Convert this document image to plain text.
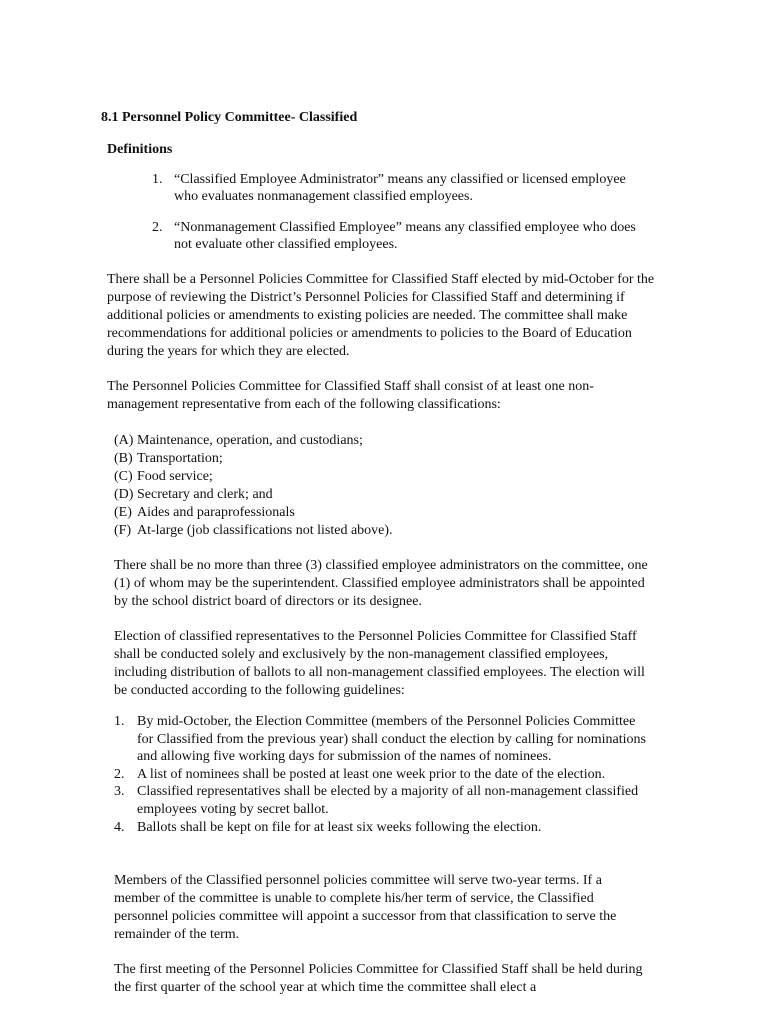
8.1 Personnel Policy Committee- Classified
Definitions
1. “Classified Employee Administrator” means any classified or licensed employee who evaluates nonmanagement classified employees.
2. “Nonmanagement Classified Employee” means any classified employee who does not evaluate other classified employees.
There shall be a Personnel Policies Committee for Classified Staff elected by mid-October for the purpose of reviewing the District’s Personnel Policies for Classified Staff and determining if additional policies or amendments to existing policies are needed. The committee shall make recommendations for additional policies or amendments to policies to the Board of Education during the years for which they are elected.
The Personnel Policies Committee for Classified Staff shall consist of at least one non-management representative from each of the following classifications:
(A) Maintenance, operation, and custodians;
(B) Transportation;
(C) Food service;
(D) Secretary and clerk; and
(E) Aides and paraprofessionals
(F) At-large (job classifications not listed above).
There shall be no more than three (3) classified employee administrators on the committee, one (1) of whom may be the superintendent. Classified employee administrators shall be appointed by the school district board of directors or its designee.
Election of classified representatives to the Personnel Policies Committee for Classified Staff shall be conducted solely and exclusively by the non-management classified employees, including distribution of ballots to all non-management classified employees. The election will be conducted according to the following guidelines:
1. By mid-October, the Election Committee (members of the Personnel Policies Committee for Classified from the previous year) shall conduct the election by calling for nominations and allowing five working days for submission of the names of nominees.
2. A list of nominees shall be posted at least one week prior to the date of the election.
3. Classified representatives shall be elected by a majority of all non-management classified employees voting by secret ballot.
4. Ballots shall be kept on file for at least six weeks following the election.
Members of the Classified personnel policies committee will serve two-year terms. If a member of the committee is unable to complete his/her term of service, the Classified personnel policies committee will appoint a successor from that classification to serve the remainder of the term.
The first meeting of the Personnel Policies Committee for Classified Staff shall be held during the first quarter of the school year at which time the committee shall elect a
